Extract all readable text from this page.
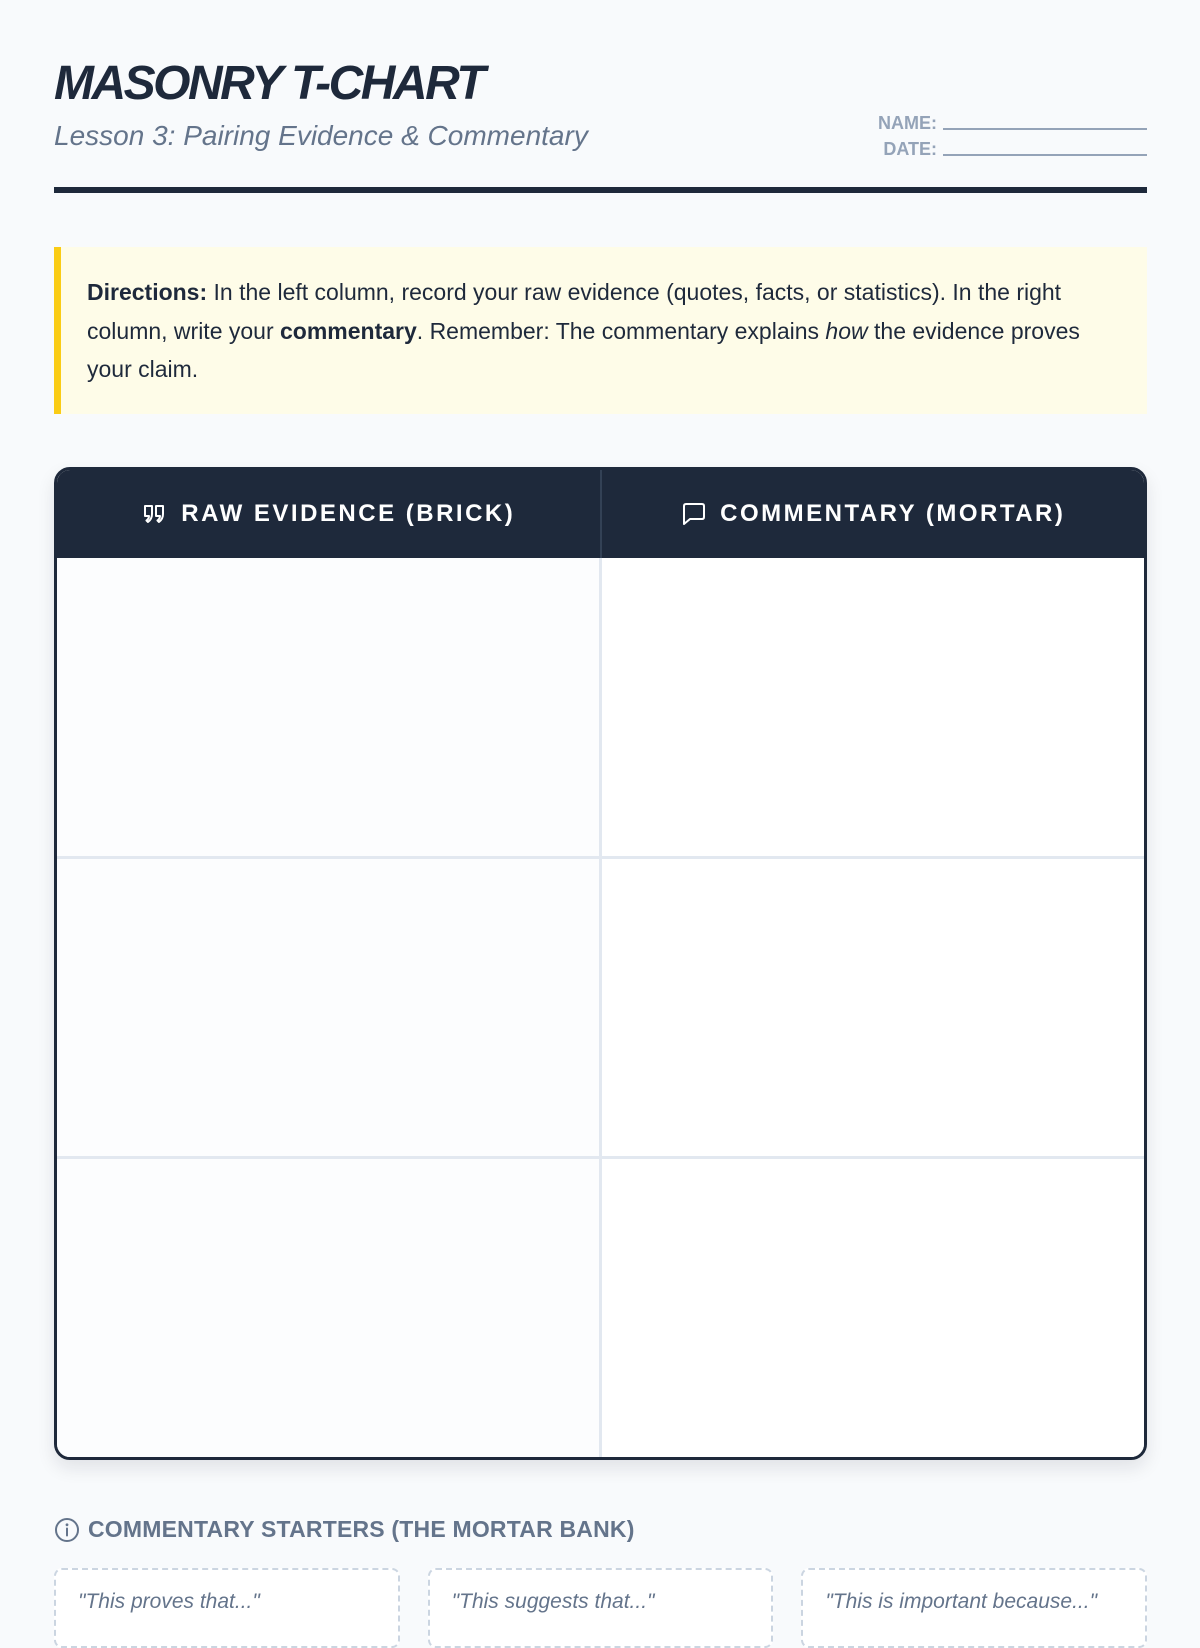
MASONRY T-CHART
Lesson 3: Pairing Evidence & Commentary	NAME:
DATE:
Directions: In the left column, record your raw evidence (quotes, facts, or statistics). In the right column, write your commentary. Remember: The commentary explains how the evidence proves your claim.
RAW EVIDENCE (BRICK)	COMMENTARY (MORTAR)
COMMENTARY STARTERS (THE MORTAR BANK)
"This proves that..."	"This suggests that..."	"This is important because..."
